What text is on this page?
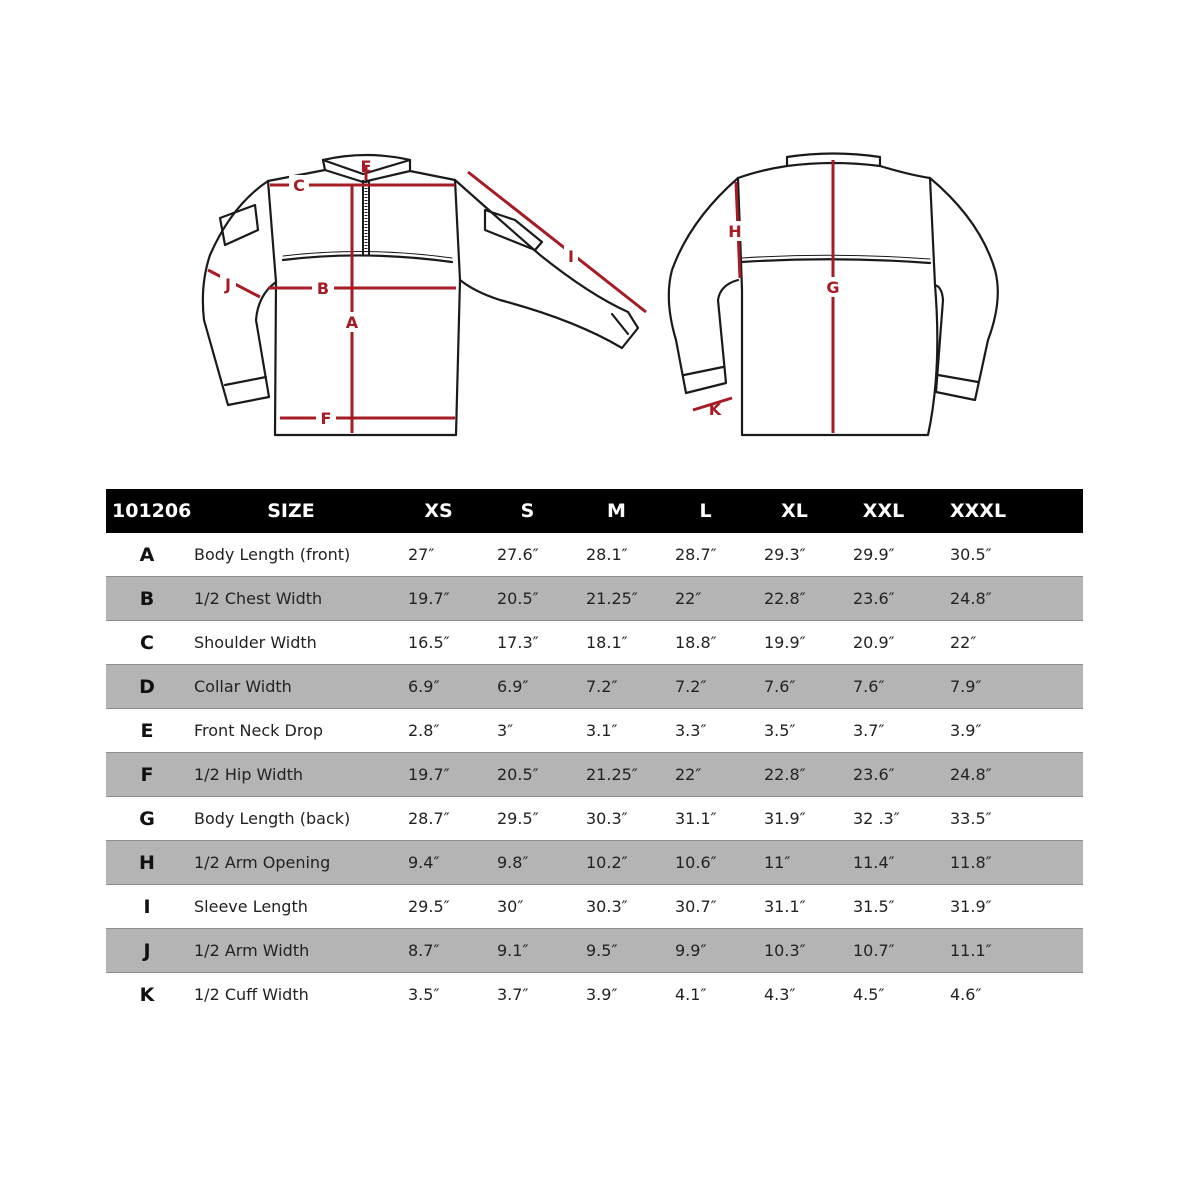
A
B
C
E
F
I
J	G
H
K
101206	SIZE	XS	S	M	L	XL	XXL	XXXL
A	Body Length (front)	27″	27.6″	28.1″	28.7″	29.3″	29.9″	30.5″
B	1/2 Chest Width	19.7″	20.5″	21.25″	22″	22.8″	23.6″	24.8″
C	Shoulder Width	16.5″	17.3″	18.1″	18.8″	19.9″	20.9″	22″
D	Collar Width	6.9″	6.9″	7.2″	7.2″	7.6″	7.6″	7.9″
E	Front Neck Drop	2.8″	3″	3.1″	3.3″	3.5″	3.7″	3.9″
F	1/2 Hip Width	19.7″	20.5″	21.25″	22″	22.8″	23.6″	24.8″
G	Body Length (back)	28.7″	29.5″	30.3″	31.1″	31.9″	32 .3″	33.5″
H	1/2 Arm Opening	9.4″	9.8″	10.2″	10.6″	11″	11.4″	11.8″
I	Sleeve Length	29.5″	30″	30.3″	30.7″	31.1″	31.5″	31.9″
J	1/2 Arm Width	8.7″	9.1″	9.5″	9.9″	10.3″	10.7″	11.1″
K	1/2 Cuff Width	3.5″	3.7″	3.9″	4.1″	4.3″	4.5″	4.6″
